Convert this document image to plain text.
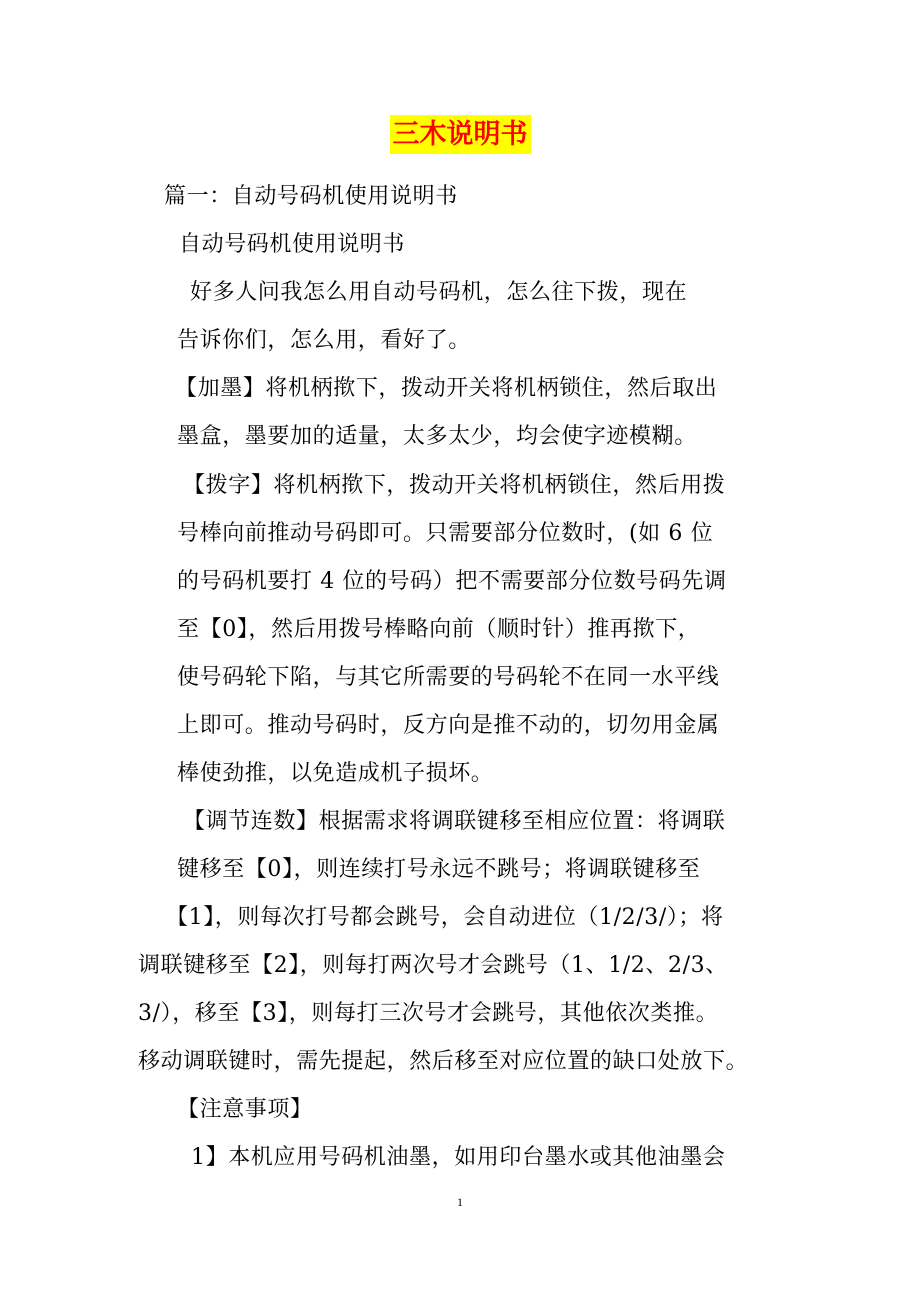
三木说明书
篇一：自动号码机使用说明书
自动号码机使用说明书
好多人问我怎么用自动号码机，怎么往下拨，现在
告诉你们，怎么用，看好了。
【加墨】将机柄揿下，拨动开关将机柄锁住，然后取出
墨盒，墨要加的适量，太多太少，均会使字迹模糊。
【拨字】将机柄揿下，拨动开关将机柄锁住，然后用拨
号棒向前推动号码即可。只需要部分位数时，(如 6 位
的号码机要打 4 位的号码）把不需要部分位数号码先调
至【0】，然后用拨号棒略向前（顺时针）推再揿下，
使号码轮下陷，与其它所需要的号码轮不在同一水平线
上即可。推动号码时，反方向是推不动的，切勿用金属
棒使劲推，以免造成机子损坏。
【调节连数】根据需求将调联键移至相应位置：将调联
键移至【0】，则连续打号永远不跳号；将调联键移至
【1】，则每次打号都会跳号，会自动进位（1/2/3/）；将
调联键移至【2】，则每打两次号才会跳号（1、1/2、2/3、
3/），移至【3】，则每打三次号才会跳号，其他依次类推。
移动调联键时，需先提起，然后移至对应位置的缺口处放下。
【注意事项】
1】本机应用号码机油墨，如用印台墨水或其他油墨会
1
